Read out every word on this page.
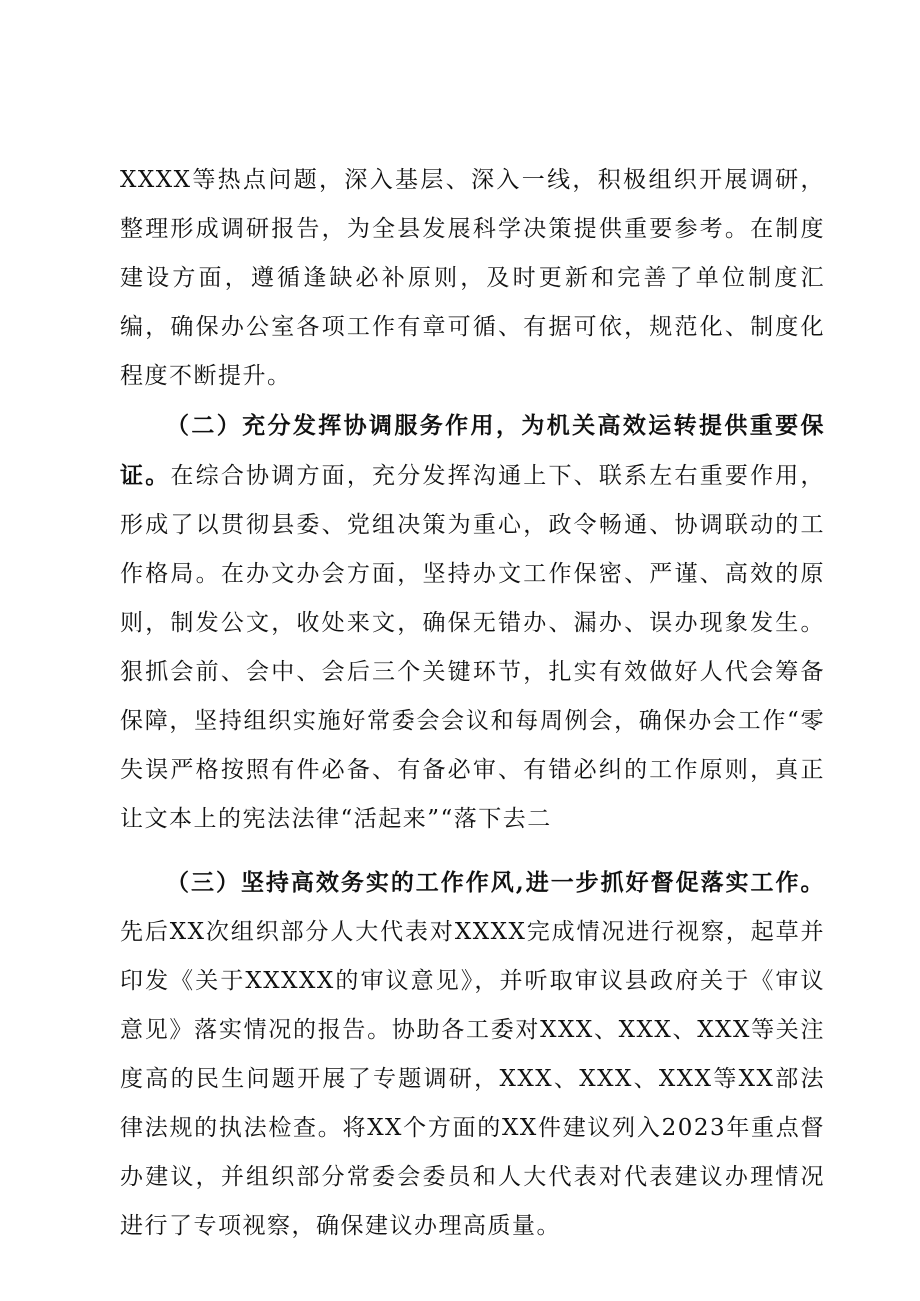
XXXX等热点问题，深入基层、深入一线，积极组织开展调研，整理形成调研报告，为全县发展科学决策提供重要参考。在制度建设方面，遵循逢缺必补原则，及时更新和完善了单位制度汇编，确保办公室各项工作有章可循、有据可依，规范化、制度化程度不断提升。

（二）充分发挥协调服务作用，为机关高效运转提供重要保证。在综合协调方面，充分发挥沟通上下、联系左右重要作用，形成了以贯彻县委、党组决策为重心，政令畅通、协调联动的工作格局。在办文办会方面，坚持办文工作保密、严谨、高效的原则，制发公文，收处来文，确保无错办、漏办、误办现象发生。狠抓会前、会中、会后三个关键环节，扎实有效做好人代会筹备保障，坚持组织实施好常委会会议和每周例会，确保办会工作“零失误严格按照有件必备、有备必审、有错必纠的工作原则，真正让文本上的宪法法律“活起来”“落下去二

（三）坚持高效务实的工作作风,进一步抓好督促落实工作。先后XX次组织部分人大代表对XXXX完成情况进行视察，起草并印发《关于XXXXX的审议意见》，并听取审议县政府关于《审议意见》落实情况的报告。协助各工委对XXX、XXX、XXX等关注度高的民生问题开展了专题调研，XXX、XXX、XXX等XX部法律法规的执法检查。将XX个方面的XX件建议列入2023年重点督办建议，并组织部分常委会委员和人大代表对代表建议办理情况进行了专项视察，确保建议办理高质量。
